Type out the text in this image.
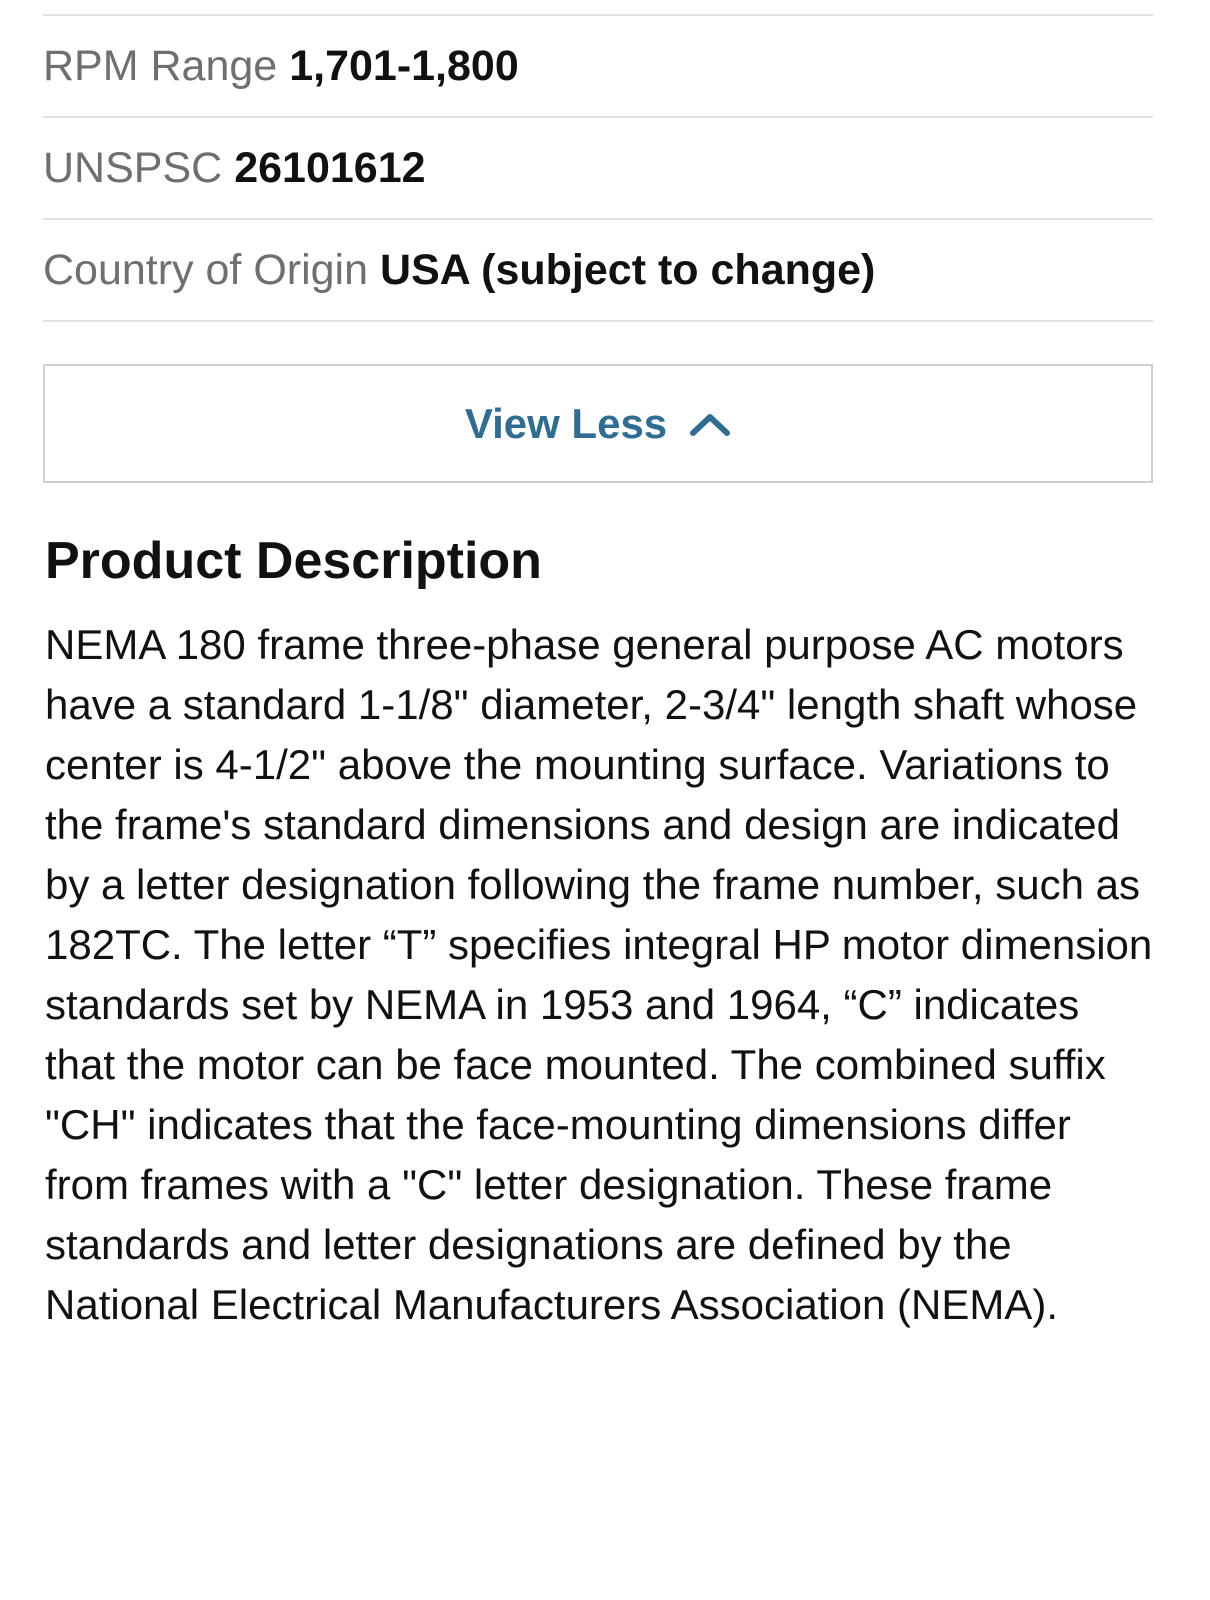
RPM Range 1,701-1,800
UNSPSC 26101612
Country of Origin USA (subject to change)
View Less
Product Description

NEMA 180 frame three-phase general purpose AC motors have a standard 1-1/8" diameter, 2-3/4" length shaft whose center is 4-1/2" above the mounting surface. Variations to the frame's standard dimensions and design are indicated by a letter designation following the frame number, such as 182TC. The letter “T” specifies integral HP motor dimension standards set by NEMA in 1953 and 1964, “C” indicates that the motor can be face mounted. The combined suffix "CH" indicates that the face-mounting dimensions differ from frames with a "C" letter designation. These frame standards and letter designations are defined by the National Electrical Manufacturers Association (NEMA).
